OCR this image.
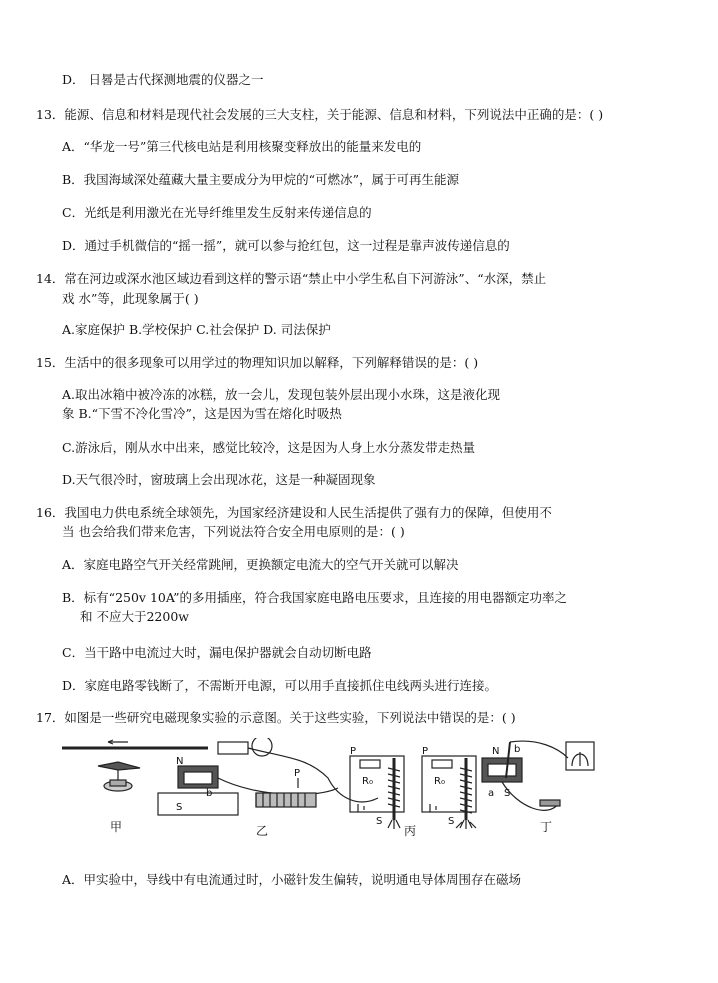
D． 日晷是古代探测地震的仪器之一
13．能源、信息和材料是现代社会发展的三大支柱，关于能源、信息和材料，下列说法中正确的是：( )
A．“华龙一号”第三代核电站是利用核聚变释放出的能量来发电的
B．我国海域深处蕴藏大量主要成分为甲烷的“可燃冰”，属于可再生能源
C．光纸是利用激光在光导纤维里发生反射来传递信息的
D．通过手机微信的“摇一摇”，就可以参与抢红包，这一过程是靠声波传递信息的
14．常在河边或深水池区域边看到这样的警示语“禁止中小学生私自下河游泳”、“水深，禁止
戏 水”等，此现象属于( )
A.家庭保护 B.学校保护 C.社会保护 D. 司法保护
15．生活中的很多现象可以用学过的物理知识加以解释，下列解释错误的是：( )
A.取出冰箱中被冷冻的冰糕，放一会儿，发现包装外层出现小水珠，这是液化现
象 B.“下雪不冷化雪冷”，这是因为雪在熔化时吸热
C.游泳后，刚从水中出来，感觉比较冷，这是因为人身上水分蒸发带走热量
D.天气很冷时，窗玻璃上会出现冰花，这是一种凝固现象
16．我国电力供电系统全球领先，为国家经济建设和人民生活提供了强有力的保障，但使用不
当 也会给我们带来危害，下列说法符合安全用电原则的是：( )
A．家庭电路空气开关经常跳闸，更换额定电流大的空气开关就可以解决
B．标有“250v 10A”的多用插座，符合我国家庭电路电压要求，且连接的用电器额定功率之
和 不应大于2200w
C．当干路中电流过大时，漏电保护器就会自动切断电路
D．家庭电路零钱断了，不需断开电源，可以用手直接抓住电线两头进行连接。
17．如图是一些研究电磁现象实验的示意图。关于这些实验，下列说法中错误的是：( )
A．甲实验中，导线中有电流通过时，小磁针发生偏转，说明通电导体周围存在磁场
N
S
P
b
P
R₀
S
P
R₀
S
N b
a S
甲	乙	丙	丁
